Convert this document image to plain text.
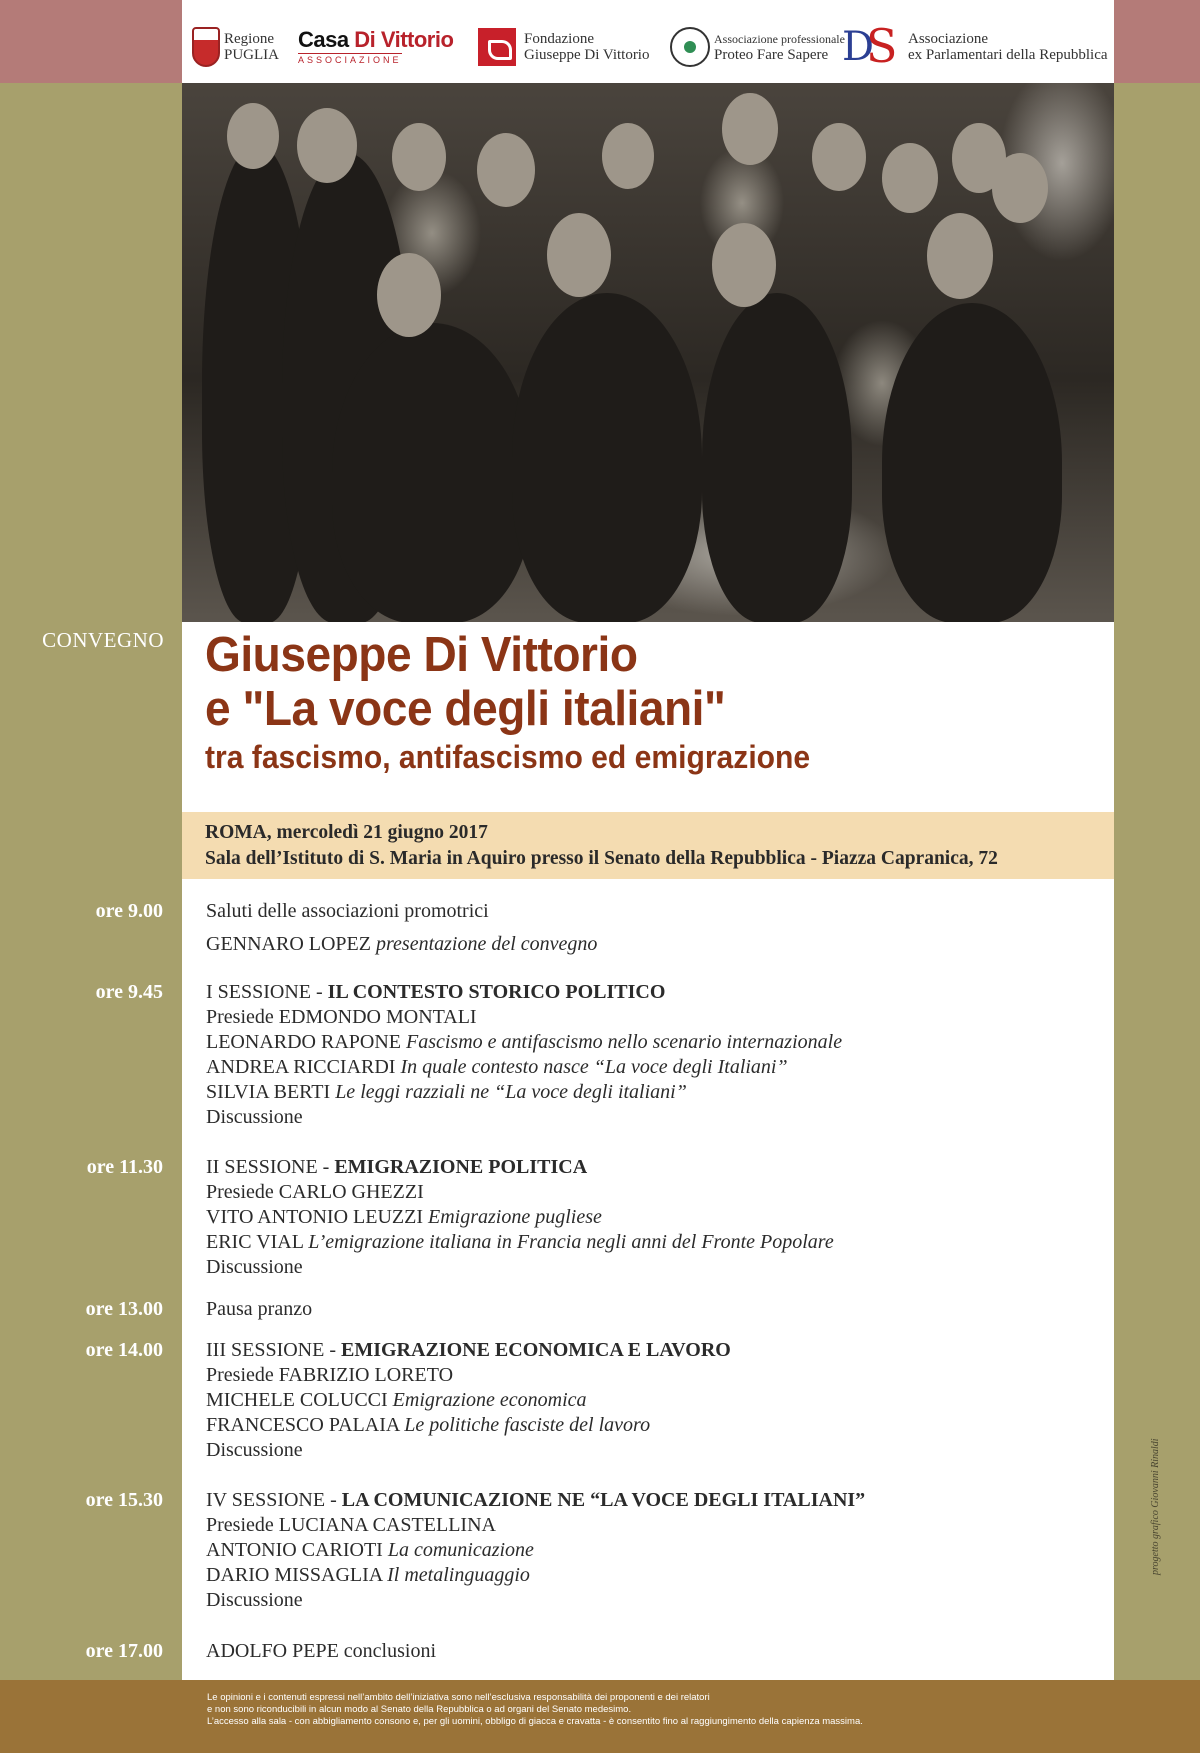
Regione
PUGLIA
Casa Di Vittorio
ASSOCIAZIONE
Fondazione
Giuseppe Di Vittorio
Associazione professionale
Proteo Fare Sapere D
S Associazione
ex Parlamentari della Repubblica
CONVEGNO Giuseppe Di Vittorio
e "La voce degli italiani"
tra fascismo, antifascismo ed emigrazione
ROMA, mercoledì 21 giugno 2017
Sala dell’Istituto di S. Maria in Aquiro presso il Senato della Repubblica - Piazza Capranica, 72
ore 9.00 Saluti delle associazioni promotrici
GENNARO LOPEZ presentazione del convegno
ore 9.45 I SESSIONE - IL CONTESTO STORICO POLITICO
Presiede EDMONDO MONTALI
LEONARDO RAPONE Fascismo e antifascismo nello scenario internazionale
ANDREA RICCIARDI In quale contesto nasce “La voce degli Italiani”
SILVIA BERTI Le leggi razziali ne “La voce degli italiani”
Discussione
ore 11.30 II SESSIONE - EMIGRAZIONE POLITICA
Presiede CARLO GHEZZI
VITO ANTONIO LEUZZI Emigrazione pugliese
ERIC VIAL L’emigrazione italiana in Francia negli anni del Fronte Popolare
Discussione
ore 13.00 Pausa pranzo
ore 14.00 III SESSIONE - EMIGRAZIONE ECONOMICA E LAVORO
Presiede FABRIZIO LORETO
MICHELE COLUCCI Emigrazione economica
FRANCESCO PALAIA Le politiche fasciste del lavoro
Discussione
ore 15.30 IV SESSIONE - LA COMUNICAZIONE NE “LA VOCE DEGLI ITALIANI”
Presiede LUCIANA CASTELLINA
ANTONIO CARIOTI La comunicazione
DARIO MISSAGLIA Il metalinguaggio
Discussione
ore 17.00 ADOLFO PEPE conclusioni
Le opinioni e i contenuti espressi nell’ambito dell’iniziativa sono nell’esclusiva responsabilità dei proponenti e dei relatori
e non sono riconducibili in alcun modo al Senato della Repubblica o ad organi del Senato medesimo.
L’accesso alla sala - con abbigliamento consono e, per gli uomini, obbligo di giacca e cravatta - è consentito fino al raggiungimento della capienza massima.
progetto grafico Giovanni Rinaldi
